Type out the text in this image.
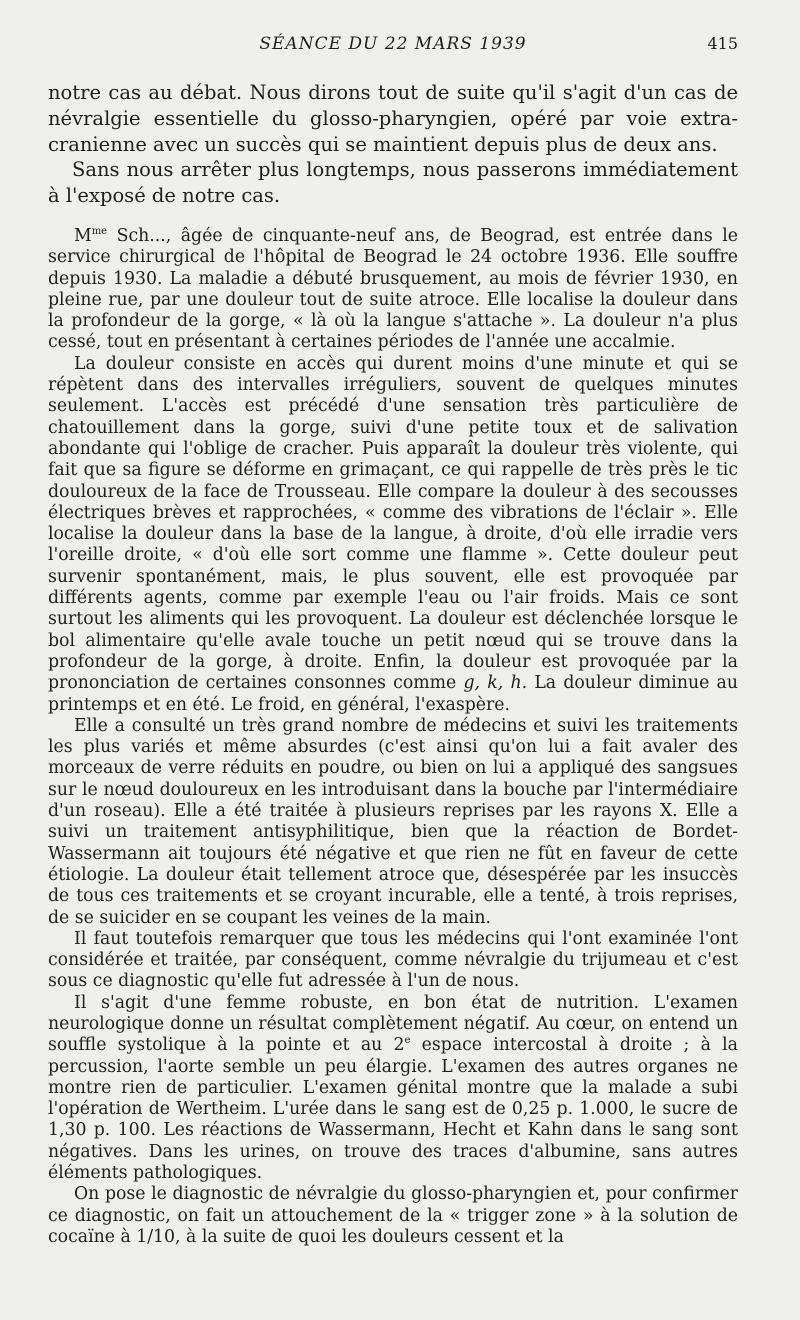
SÉANCE DU 22 MARS 1939	415

notre cas au débat. Nous dirons tout de suite qu'il s'agit d'un cas de névralgie essentielle du glosso-pharyngien, opéré par voie extra-cranienne avec un succès qui se maintient depuis plus de deux ans.

Sans nous arrêter plus longtemps, nous passerons immédiatement à l'exposé de notre cas.

$M^{me}$ Sch..., âgée de cinquante-neuf ans, de Beograd, est entrée dans le service chirurgical de l'hôpital de Beograd le 24 octobre 1936. Elle souffre depuis 1930. La maladie a débuté brusquement, au mois de février 1930, en pleine rue, par une douleur tout de suite atroce. Elle localise la douleur dans la profondeur de la gorge, « là où la langue s'attache ». La douleur n'a plus cessé, tout en présentant à certaines périodes de l'année une accalmie.

La douleur consiste en accès qui durent moins d'une minute et qui se répètent dans des intervalles irréguliers, souvent de quelques minutes seulement. L'accès est précédé d'une sensation très particulière de chatouillement dans la gorge, suivi d'une petite toux et de salivation abondante qui l'oblige de cracher. Puis apparaît la douleur très violente, qui fait que sa figure se déforme en grimaçant, ce qui rappelle de très près le tic douloureux de la face de Trousseau. Elle compare la douleur à des secousses électriques brèves et rapprochées, « comme des vibrations de l'éclair ». Elle localise la douleur dans la base de la langue, à droite, d'où elle irradie vers l'oreille droite, « d'où elle sort comme une flamme ». Cette douleur peut survenir spontanément, mais, le plus souvent, elle est provoquée par différents agents, comme par exemple l'eau ou l'air froids. Mais ce sont surtout les aliments qui les provoquent. La douleur est déclenchée lorsque le bol alimentaire qu'elle avale touche un petit nœud qui se trouve dans la profondeur de la gorge, à droite. Enfin, la douleur est provoquée par la prononciation de certaines consonnes comme g, k, h. La douleur diminue au printemps et en été. Le froid, en général, l'exaspère.

Elle a consulté un très grand nombre de médecins et suivi les traitements les plus variés et même absurdes (c'est ainsi qu'on lui a fait avaler des morceaux de verre réduits en poudre, ou bien on lui a appliqué des sangsues sur le nœud douloureux en les introduisant dans la bouche par l'intermédiaire d'un roseau). Elle a été traitée à plusieurs reprises par les rayons X. Elle a suivi un traitement antisyphilitique, bien que la réaction de Bordet-Wassermann ait toujours été négative et que rien ne fût en faveur de cette étiologie. La douleur était tellement atroce que, désespérée par les insuccès de tous ces traitements et se croyant incurable, elle a tenté, à trois reprises, de se suicider en se coupant les veines de la main.

Il faut toutefois remarquer que tous les médecins qui l'ont examinée l'ont considérée et traitée, par conséquent, comme névralgie du trijumeau et c'est sous ce diagnostic qu'elle fut adressée à l'un de nous.

Il s'agit d'une femme robuste, en bon état de nutrition. L'examen neurologique donne un résultat complètement négatif. Au cœur, on entend un souffle systolique à la pointe et au 2e espace intercostal à droite ; à la percussion, l'aorte semble un peu élargie. L'examen des autres organes ne montre rien de particulier. L'examen génital montre que la malade a subi l'opération de Wertheim. L'urée dans le sang est de 0,25 p. 1.000, le sucre de 1,30 p. 100. Les réactions de Wassermann, Hecht et Kahn dans le sang sont négatives. Dans les urines, on trouve des traces d'albumine, sans autres éléments pathologiques.

On pose le diagnostic de névralgie du glosso-pharyngien et, pour confirmer ce diagnostic, on fait un attouchement de la « trigger zone » à la solution de cocaïne à 1/10, à la suite de quoi les douleurs cessent et la
